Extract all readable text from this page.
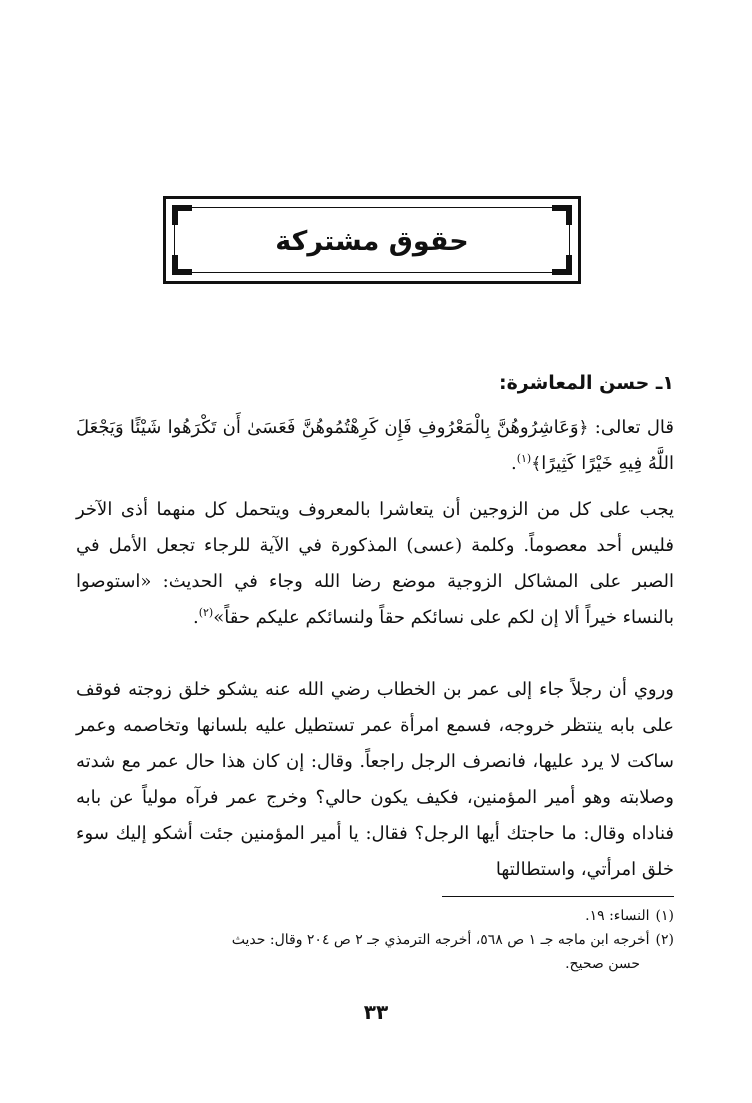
حقوق مشتركة
١ـ حسن المعاشرة:
قال تعالى: ﴿وَعَاشِرُوهُنَّ بِالْمَعْرُوفِ فَإِن كَرِهْتُمُوهُنَّ فَعَسَىٰ أَن تَكْرَهُوا شَيْئًا وَيَجْعَلَ اللَّهُ فِيهِ خَيْرًا كَثِيرًا﴾$^{(١)}$.
يجب على كل من الزوجين أن يتعاشرا بالمعروف ويتحمل كل منهما أذى الآخر فليس أحد معصوماً. وكلمة (عسى) المذكورة في الآية للرجاء تجعل الأمل في الصبر على المشاكل الزوجية موضع رضا الله وجاء في الحديث: «استوصوا بالنساء خيراً ألا إن لكم على نسائكم حقاً ولنسائكم عليكم حقاً»$^{(٢)}$.
وروي أن رجلاً جاء إلى عمر بن الخطاب رضي الله عنه يشكو خلق زوجته فوقف على بابه ينتظر خروجه، فسمع امرأة عمر تستطيل عليه بلسانها وتخاصمه وعمر ساكت لا يرد عليها، فانصرف الرجل راجعاً. وقال: إن كان هذا حال عمر مع شدته وصلابته وهو أمير المؤمنين، فكيف يكون حالي؟ وخرج عمر فرآه مولياً عن بابه فناداه وقال: ما حاجتك أيها الرجل؟ فقال: يا أمير المؤمنين جئت أشكو إليك سوء خلق امرأتي، واستطالتها
(١)النساء: ١٩.
(٢)أخرجه ابن ماجه جـ ١ ص ٥٦٨، أخرجه الترمذي جـ ٢ ص ٢٠٤ وقال: حديث
حسن صحيح.
٣٣
